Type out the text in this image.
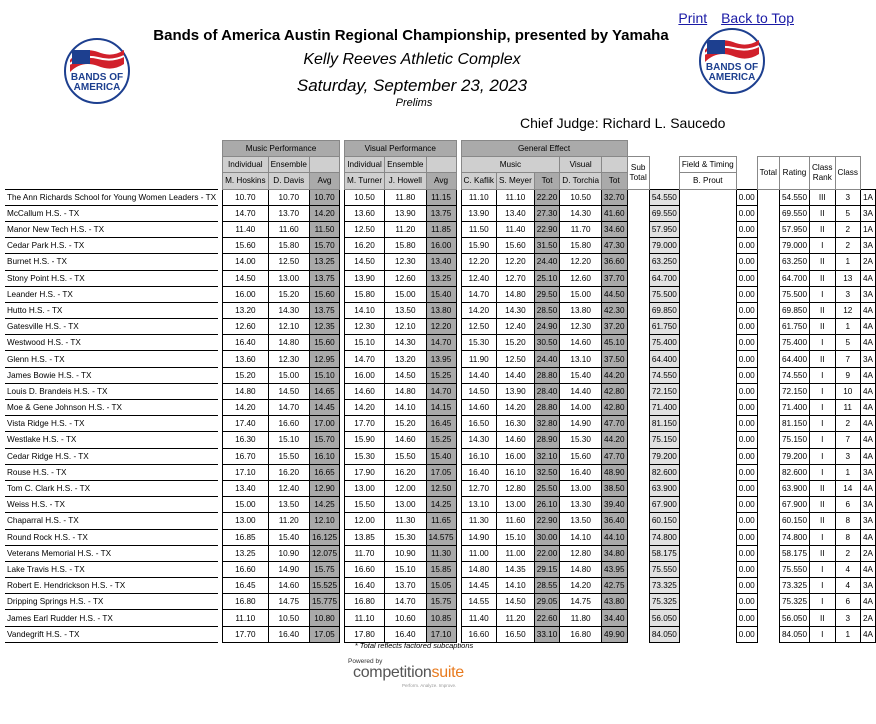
Print Back to Top
BANDS OF
AMERICA
BANDS OF
AMERICA
Bands of America Austin Regional Championship, presented by Yamaha
Kelly Reeves Athletic Complex
Saturday, September 23, 2023
Prelims
Chief Judge: Richard L. Saucedo
		Music Performance				Visual Performance				General Effect													
		Individual	Ensemble			Individual	Ensemble			Music			Visual		Sub Total		Field & Timing		Total	Rating	Class Rank	Class	
		M. Hoskins	D. Davis	Avg		M. Turner	J. Howell	Avg		C. Kaflik	S. Meyer	Tot	D. Torchia	Tot			B. Prout						
The Ann Richards School for Young Women Leaders - TX		10.70	10.70	10.70		10.50	11.80	11.15		11.10	11.10	22.20	10.50	32.70		54.550		0.00		54.550	III	3	1A
McCallum H.S. - TX		14.70	13.70	14.20		13.60	13.90	13.75		13.90	13.40	27.30	14.30	41.60		69.550		0.00		69.550	II	5	3A
Manor New Tech H.S. - TX		11.40	11.60	11.50		12.50	11.20	11.85		11.50	11.40	22.90	11.70	34.60		57.950		0.00		57.950	II	2	1A
Cedar Park H.S. - TX		15.60	15.80	15.70		16.20	15.80	16.00		15.90	15.60	31.50	15.80	47.30		79.000		0.00		79.000	I	2	3A
Burnet H.S. - TX		14.00	12.50	13.25		14.50	12.30	13.40		12.20	12.20	24.40	12.20	36.60		63.250		0.00		63.250	II	1	2A
Stony Point H.S. - TX		14.50	13.00	13.75		13.90	12.60	13.25		12.40	12.70	25.10	12.60	37.70		64.700		0.00		64.700	II	13	4A
Leander H.S. - TX		16.00	15.20	15.60		15.80	15.00	15.40		14.70	14.80	29.50	15.00	44.50		75.500		0.00		75.500	I	3	3A
Hutto H.S. - TX		13.20	14.30	13.75		14.10	13.50	13.80		14.20	14.30	28.50	13.80	42.30		69.850		0.00		69.850	II	12	4A
Gatesville H.S. - TX		12.60	12.10	12.35		12.30	12.10	12.20		12.50	12.40	24.90	12.30	37.20		61.750		0.00		61.750	II	1	4A
Westwood H.S. - TX		16.40	14.80	15.60		15.10	14.30	14.70		15.30	15.20	30.50	14.60	45.10		75.400		0.00		75.400	I	5	4A
Glenn H.S. - TX		13.60	12.30	12.95		14.70	13.20	13.95		11.90	12.50	24.40	13.10	37.50		64.400		0.00		64.400	II	7	3A
James Bowie H.S. - TX		15.20	15.00	15.10		16.00	14.50	15.25		14.40	14.40	28.80	15.40	44.20		74.550		0.00		74.550	I	9	4A
Louis D. Brandeis H.S. - TX		14.80	14.50	14.65		14.60	14.80	14.70		14.50	13.90	28.40	14.40	42.80		72.150		0.00		72.150	I	10	4A
Moe & Gene Johnson H.S. - TX		14.20	14.70	14.45		14.20	14.10	14.15		14.60	14.20	28.80	14.00	42.80		71.400		0.00		71.400	I	11	4A
Vista Ridge H.S. - TX		17.40	16.60	17.00		17.70	15.20	16.45		16.50	16.30	32.80	14.90	47.70		81.150		0.00		81.150	I	2	4A
Westlake H.S. - TX		16.30	15.10	15.70		15.90	14.60	15.25		14.30	14.60	28.90	15.30	44.20		75.150		0.00		75.150	I	7	4A
Cedar Ridge H.S. - TX		16.70	15.50	16.10		15.30	15.50	15.40		16.10	16.00	32.10	15.60	47.70		79.200		0.00		79.200	I	3	4A
Rouse H.S. - TX		17.10	16.20	16.65		17.90	16.20	17.05		16.40	16.10	32.50	16.40	48.90		82.600		0.00		82.600	I	1	3A
Tom C. Clark H.S. - TX		13.40	12.40	12.90		13.00	12.00	12.50		12.70	12.80	25.50	13.00	38.50		63.900		0.00		63.900	II	14	4A
Weiss H.S. - TX		15.00	13.50	14.25		15.50	13.00	14.25		13.10	13.00	26.10	13.30	39.40		67.900		0.00		67.900	II	6	3A
Chaparral H.S. - TX		13.00	11.20	12.10		12.00	11.30	11.65		11.30	11.60	22.90	13.50	36.40		60.150		0.00		60.150	II	8	3A
Round Rock H.S. - TX		16.85	15.40	16.125		13.85	15.30	14.575		14.90	15.10	30.00	14.10	44.10		74.800		0.00		74.800	I	8	4A
Veterans Memorial H.S. - TX		13.25	10.90	12.075		11.70	10.90	11.30		11.00	11.00	22.00	12.80	34.80		58.175		0.00		58.175	II	2	2A
Lake Travis H.S. - TX		16.60	14.90	15.75		16.60	15.10	15.85		14.80	14.35	29.15	14.80	43.95		75.550		0.00		75.550	I	4	4A
Robert E. Hendrickson H.S. - TX		16.45	14.60	15.525		16.40	13.70	15.05		14.45	14.10	28.55	14.20	42.75		73.325		0.00		73.325	I	4	3A
Dripping Springs H.S. - TX		16.80	14.75	15.775		16.80	14.70	15.75		14.55	14.50	29.05	14.75	43.80		75.325		0.00		75.325	I	6	4A
James Earl Rudder H.S. - TX		11.10	10.50	10.80		11.10	10.60	10.85		11.40	11.20	22.60	11.80	34.40		56.050		0.00		56.050	II	3	2A
Vandegrift H.S. - TX		17.70	16.40	17.05		17.80	16.40	17.10		16.60	16.50	33.10	16.80	49.90		84.050		0.00		84.050	I	1	4A
* Total reflects factored subcaptions
Powered by
competitionsuite
Perform. Analyze. Improve.
